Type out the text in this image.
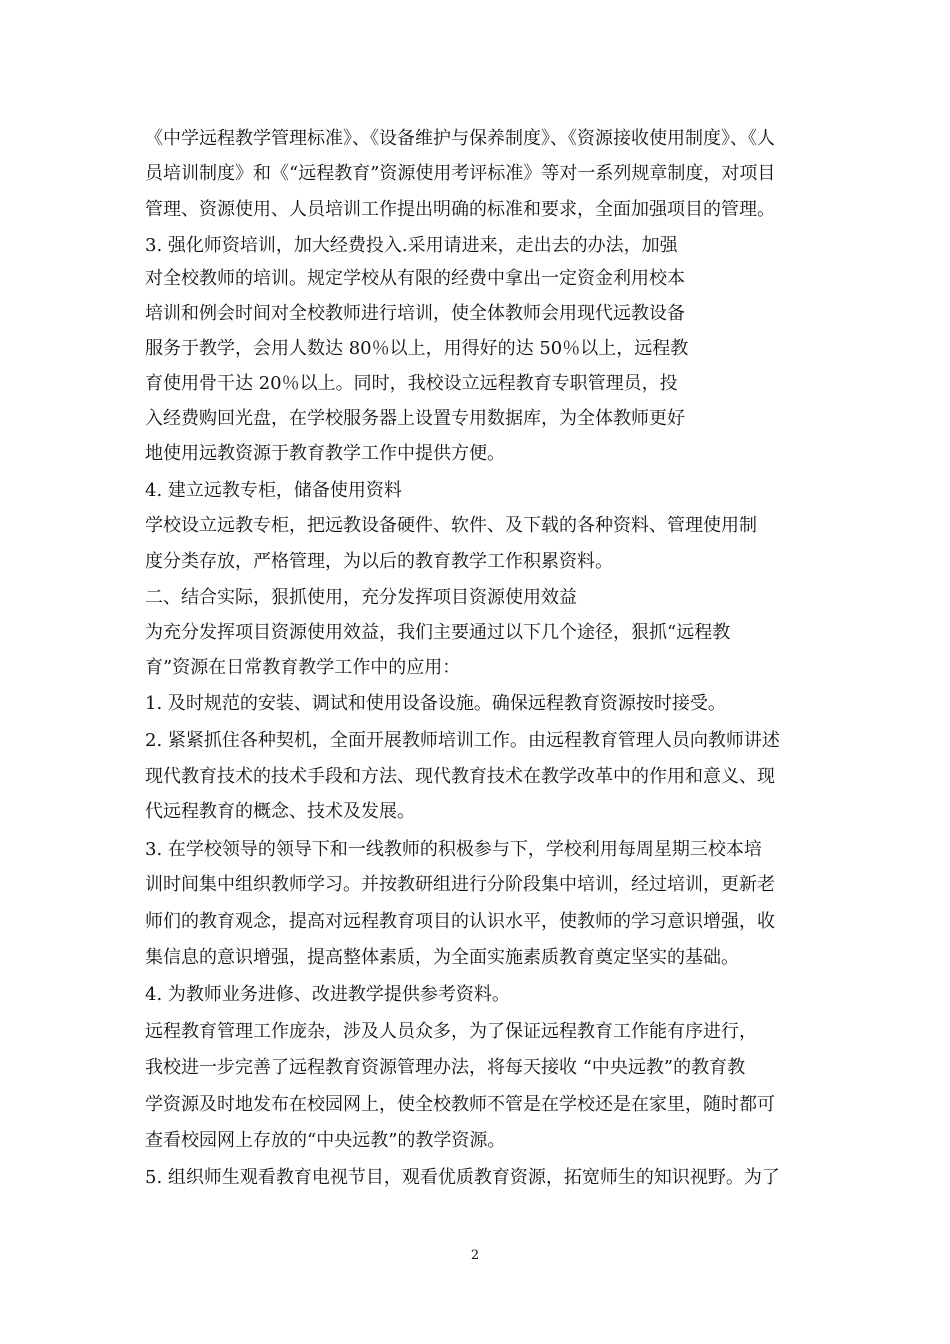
《中学远程教学管理标准》、《设备维护与保养制度》、《资源接收使用制度》、《人
员培训制度》和《“远程教育”资源使用考评标准》等对一系列规章制度，对项目
管理、资源使用、人员培训工作提出明确的标准和要求，全面加强项目的管理。
3. 强化师资培训，加大经费投入.采用请进来，走出去的办法，加强
对全校教师的培训。规定学校从有限的经费中拿出一定资金利用校本
培训和例会时间对全校教师进行培训，使全体教师会用现代远教设备
服务于教学，会用人数达 80％以上，用得好的达 50％以上，远程教
育使用骨干达 20％以上。同时，我校设立远程教育专职管理员，投
入经费购回光盘，在学校服务器上设置专用数据库，为全体教师更好
地使用远教资源于教育教学工作中提供方便。
4. 建立远教专柜，储备使用资料
学校设立远教专柜，把远教设备硬件、软件、及下载的各种资料、管理使用制
度分类存放，严格管理，为以后的教育教学工作积累资料。
二、结合实际，狠抓使用，充分发挥项目资源使用效益
为充分发挥项目资源使用效益，我们主要通过以下几个途径，狠抓“远程教
育”资源在日常教育教学工作中的应用：
1. 及时规范的安装、调试和使用设备设施。确保远程教育资源按时接受。
2. 紧紧抓住各种契机，全面开展教师培训工作。由远程教育管理人员向教师讲述
现代教育技术的技术手段和方法、现代教育技术在教学改革中的作用和意义、现
代远程教育的概念、技术及发展。
3. 在学校领导的领导下和一线教师的积极参与下，学校利用每周星期三校本培
训时间集中组织教师学习。并按教研组进行分阶段集中培训，经过培训，更新老
师们的教育观念，提高对远程教育项目的认识水平，使教师的学习意识增强，收
集信息的意识增强，提高整体素质，为全面实施素质教育奠定坚实的基础。
4. 为教师业务进修、改进教学提供参考资料。
远程教育管理工作庞杂，涉及人员众多，为了保证远程教育工作能有序进行，
我校进一步完善了远程教育资源管理办法，将每天接收 “中央远教”的教育教
学资源及时地发布在校园网上，使全校教师不管是在学校还是在家里，随时都可
查看校园网上存放的“中央远教”的教学资源。
5. 组织师生观看教育电视节目，观看优质教育资源，拓宽师生的知识视野。为了
2
